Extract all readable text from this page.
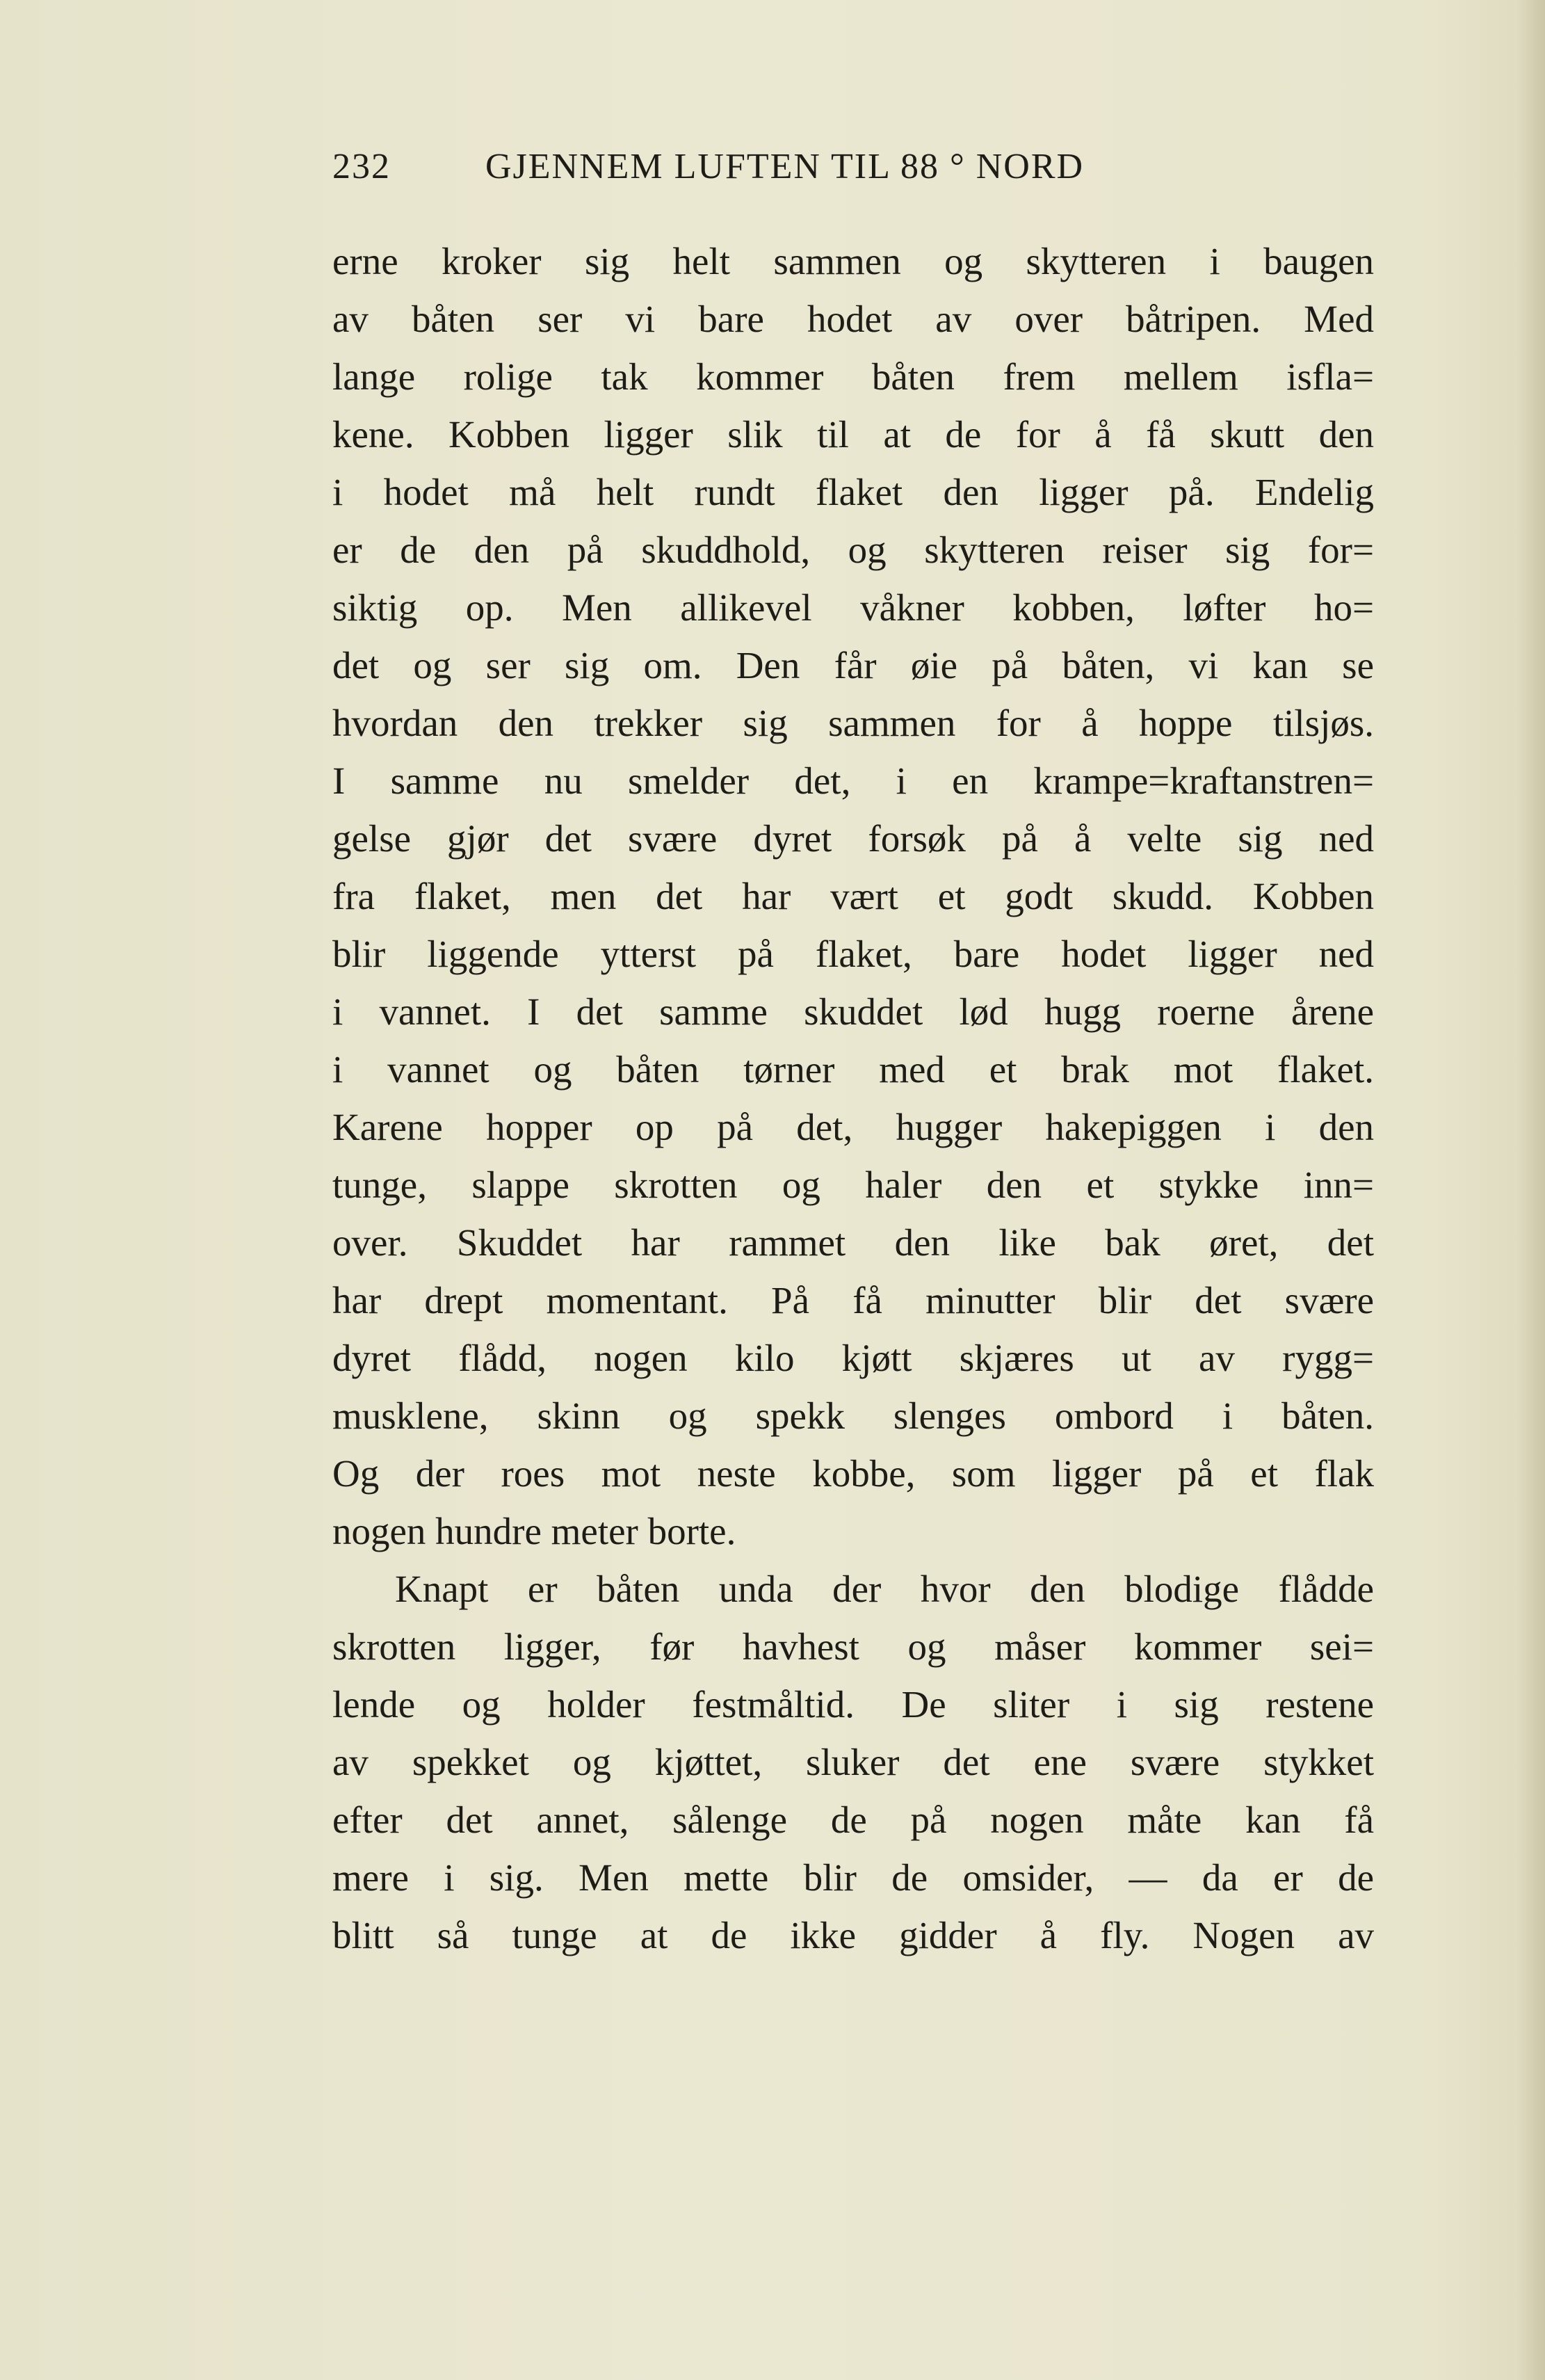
232	GJENNEM LUFTEN TIL 88 ° NORD
erne kroker sig helt sammen og skytteren i baugen
av båten ser vi bare hodet av over båtripen. Med
lange rolige tak kommer båten frem mellem isfla=
kene. Kobben ligger slik til at de for å få skutt den
i hodet må helt rundt flaket den ligger på. Endelig
er de den på skuddhold, og skytteren reiser sig for=
siktig op. Men allikevel våkner kobben, løfter ho=
det og ser sig om. Den får øie på båten, vi kan se
hvordan den trekker sig sammen for å hoppe tilsjøs.
I samme nu smelder det, i en krampe=kraftanstren=
gelse gjør det svære dyret forsøk på å velte sig ned
fra flaket, men det har vært et godt skudd. Kobben
blir liggende ytterst på flaket, bare hodet ligger ned
i vannet. I det samme skuddet lød hugg roerne årene
i vannet og båten tørner med et brak mot flaket.
Karene hopper op på det, hugger hakepiggen i den
tunge, slappe skrotten og haler den et stykke inn=
over. Skuddet har rammet den like bak øret, det
har drept momentant. På få minutter blir det svære
dyret flådd, nogen kilo kjøtt skjæres ut av rygg=
musklene, skinn og spekk slenges ombord i båten.
Og der roes mot neste kobbe, som ligger på et flak
nogen hundre meter borte.
Knapt er båten unda der hvor den blodige flådde
skrotten ligger, før havhest og måser kommer sei=
lende og holder festmåltid. De sliter i sig restene
av spekket og kjøttet, sluker det ene svære stykket
efter det annet, sålenge de på nogen måte kan få
mere i sig. Men mette blir de omsider, — da er de
blitt så tunge at de ikke gidder å fly. Nogen av
